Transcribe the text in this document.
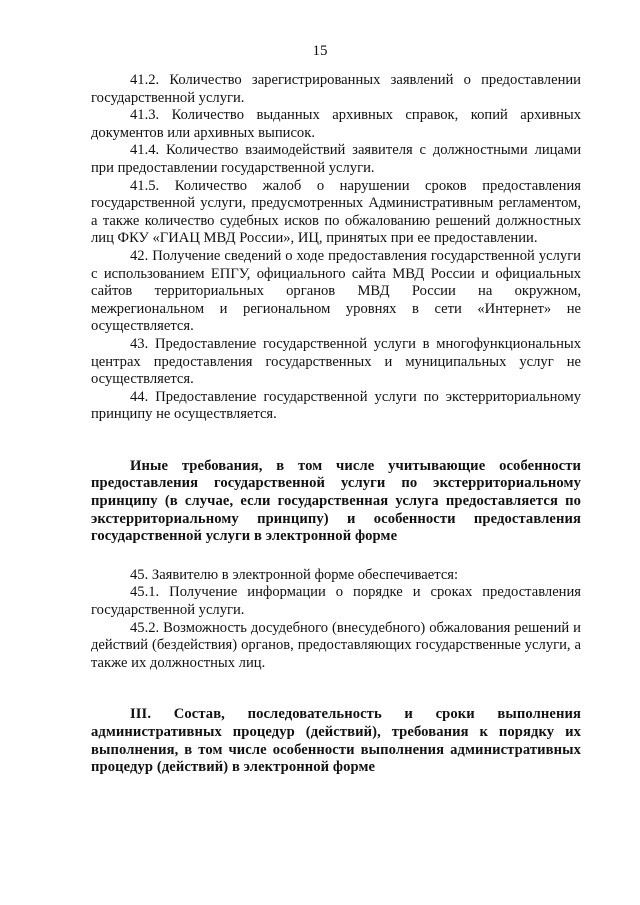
15

41.2. Количество зарегистрированных заявлений о предоставлении государственной услуги.

41.3. Количество выданных архивных справок, копий архивных документов или архивных выписок.

41.4. Количество взаимодействий заявителя с должностными лицами при предоставлении государственной услуги.

41.5. Количество жалоб о нарушении сроков предоставления государственной услуги, предусмотренных Административным регламентом, а также количество судебных исков по обжалованию решений должностных лиц ФКУ «ГИАЦ МВД России», ИЦ, принятых при ее предоставлении.

42. Получение сведений о ходе предоставления государственной услуги с использованием ЕПГУ, официального сайта МВД России и официальных сайтов территориальных органов МВД России на окружном, межрегиональном и региональном уровнях в сети «Интернет» не осуществляется.

43. Предоставление государственной услуги в многофункциональных центрах предоставления государственных и муниципальных услуг не осуществляется.

44. Предоставление государственной услуги по экстерриториальному принципу не осуществляется.

Иные требования, в том числе учитывающие особенности предоставления государственной услуги по экстерриториальному принципу (в случае, если государственная услуга предоставляется по экстерриториальному принципу) и особенности предоставления государственной услуги в электронной форме

45. Заявителю в электронной форме обеспечивается:

45.1. Получение информации о порядке и сроках предоставления государственной услуги.

45.2. Возможность досудебного (внесудебного) обжалования решений и действий (бездействия) органов, предоставляющих государственные услуги, а также их должностных лиц.

III. Состав, последовательность и сроки выполнения административных процедур (действий), требования к порядку их выполнения, в том числе особенности выполнения административных процедур (действий) в электронной форме
